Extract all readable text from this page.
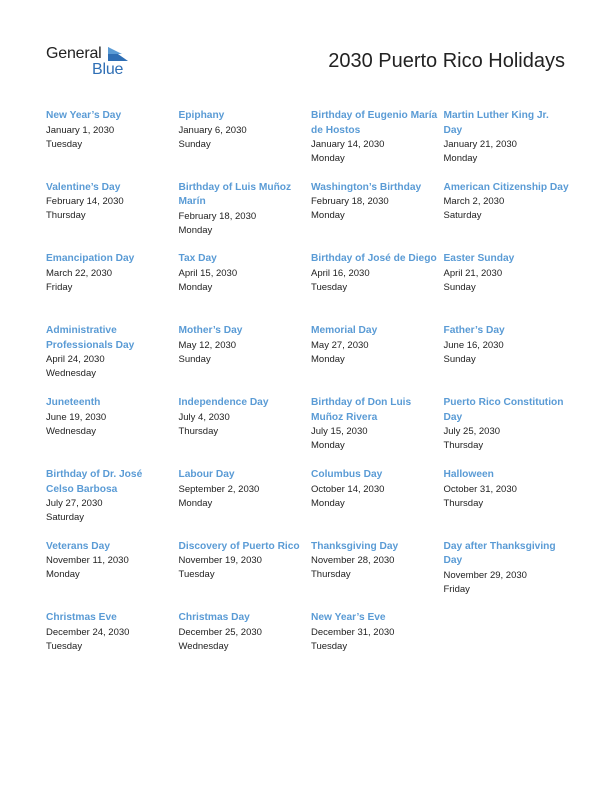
General
Blue	2030 Puerto Rico Holidays
New Year’s Day
January 1, 2030
Tuesday
Epiphany
January 6, 2030
Sunday
Birthday of Eugenio María de Hostos
January 14, 2030
Monday
Martin Luther King Jr. Day
January 21, 2030
Monday
Valentine’s Day
February 14, 2030
Thursday
Birthday of Luis Muñoz Marín
February 18, 2030
Monday
Washington’s Birthday
February 18, 2030
Monday
American Citizenship Day
March 2, 2030
Saturday
Emancipation Day
March 22, 2030
Friday
Tax Day
April 15, 2030
Monday
Birthday of José de Diego
April 16, 2030
Tuesday
Easter Sunday
April 21, 2030
Sunday
Administrative Professionals Day
April 24, 2030
Wednesday
Mother’s Day
May 12, 2030
Sunday
Memorial Day
May 27, 2030
Monday
Father’s Day
June 16, 2030
Sunday
Juneteenth
June 19, 2030
Wednesday
Independence Day
July 4, 2030
Thursday
Birthday of Don Luis Muñoz Rivera
July 15, 2030
Monday
Puerto Rico Constitution Day
July 25, 2030
Thursday
Birthday of Dr. José Celso Barbosa
July 27, 2030
Saturday
Labour Day
September 2, 2030
Monday
Columbus Day
October 14, 2030
Monday
Halloween
October 31, 2030
Thursday
Veterans Day
November 11, 2030
Monday
Discovery of Puerto Rico
November 19, 2030
Tuesday
Thanksgiving Day
November 28, 2030
Thursday
Day after Thanksgiving Day
November 29, 2030
Friday
Christmas Eve
December 24, 2030
Tuesday
Christmas Day
December 25, 2030
Wednesday
New Year’s Eve
December 31, 2030
Tuesday
